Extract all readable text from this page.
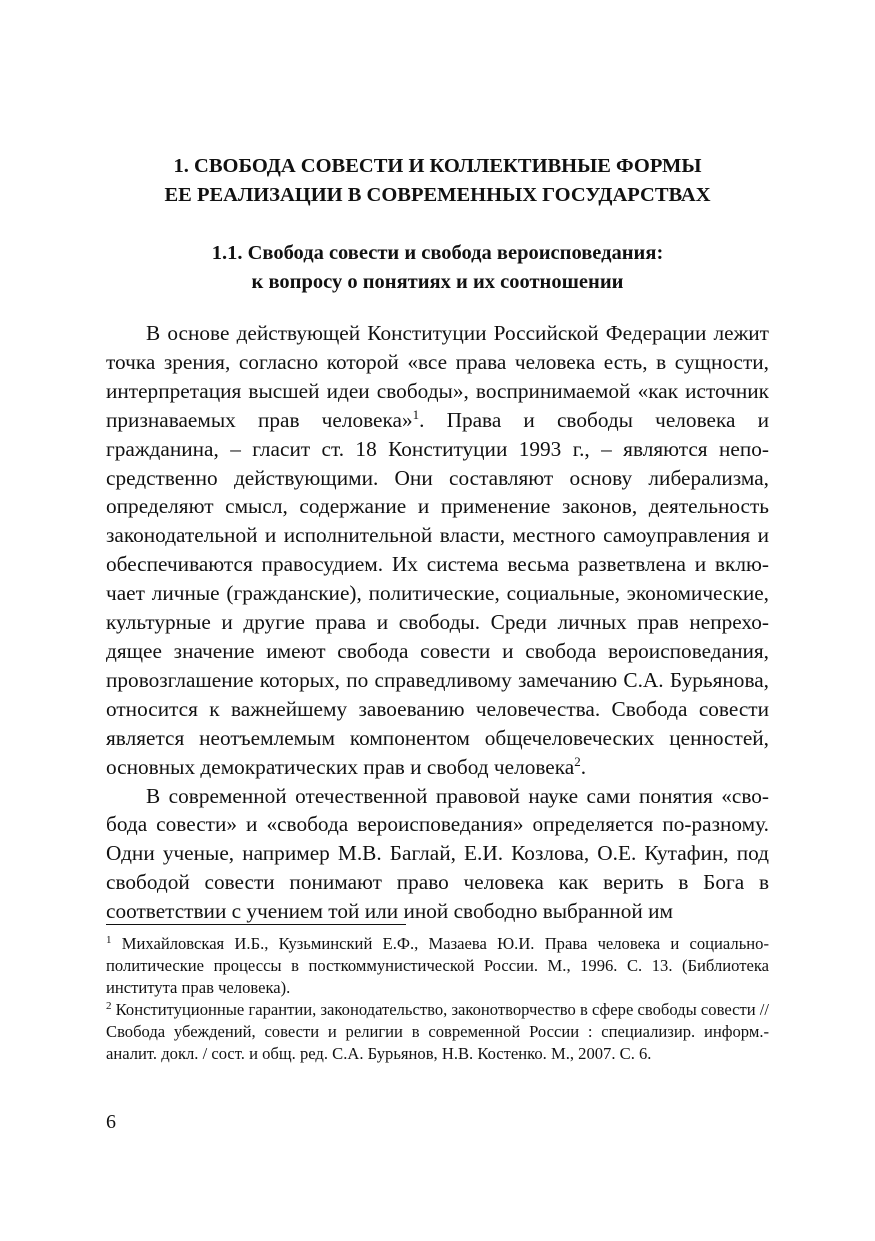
1. СВОБОДА СОВЕСТИ И КОЛЛЕКТИВНЫЕ ФОРМЫ
ЕЕ РЕАЛИЗАЦИИ В СОВРЕМЕННЫХ ГОСУДАРСТВАХ
1.1. Свобода совести и свобода вероисповедания:
к вопросу о понятиях и их соотношении

В основе действующей Конституции Российской Федерации лежит точка зрения, согласно которой «все права человека есть, в сущности, интерпретация высшей идеи свободы», воспринимаемой «как источник признаваемых прав человека»$^1$. Права и свободы человека и гражданина, – гласит ст. 18 Конституции 1993 г., – являются непосредственно действующими. Они составляют основу либерализма, определяют смысл, содержание и применение законов, деятельность законодательной и исполнительной власти, местного самоуправления и обеспечиваются правосудием. Их система весьма разветвлена и включает личные (гражданские), политические, социальные, экономические, культурные и другие права и свободы. Среди личных прав непреходящее значение имеют свобода совести и свобода вероисповедания, провозглашение которых, по справедливому замечанию С.А. Бурьянова, относится к важнейшему завоеванию человечества. Свобода совести является неотъемлемым компонентом общечеловеческих ценностей, основных демократических прав и свобод человека$^2$.

В современной отечественной правовой науке сами понятия «свобода совести» и «свобода вероисповедания» определяется по-разному. Одни ученые, например М.В. Баглай, Е.И. Козлова, О.Е. Кутафин, под свободой совести понимают право человека как верить в Бога в соответствии с учением той или иной свободно выбранной им

$^1$ Михайловская И.Б., Кузьминский Е.Ф., Мазаева Ю.И. Права человека и социально-политические процессы в посткоммунистической России. М., 1996. С. 13. (Библиотека института прав человека).

$^2$ Конституционные гарантии, законодательство, законотворчество в сфере свободы совести // Свобода убеждений, совести и религии в современной России : специализир. информ.-аналит. докл. / сост. и общ. ред. С.А. Бурьянов, Н.В. Костенко. М., 2007. С. 6.

6
